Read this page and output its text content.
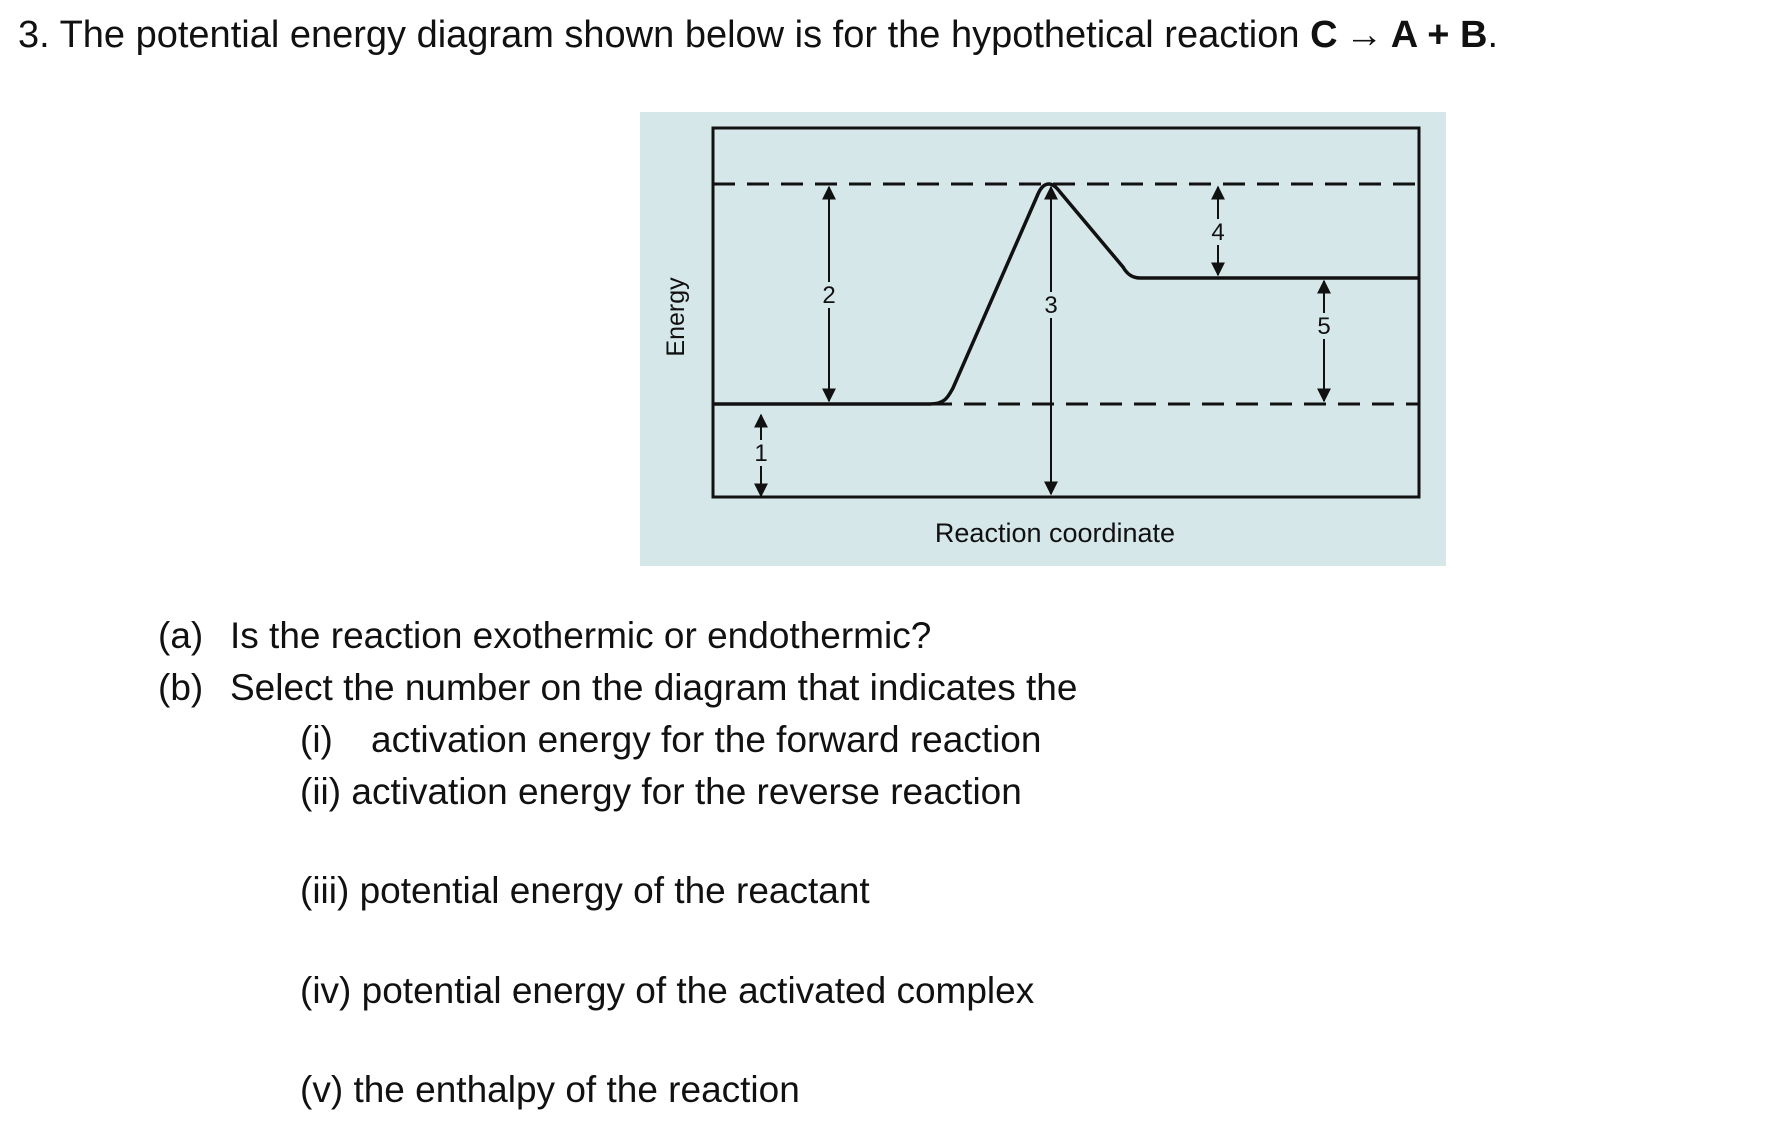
3. The potential energy diagram shown below is for the hypothetical reaction C → A + B.
1
2	3
4
5
Energy
Reaction coordinate
(a) Is the reaction exothermic or endothermic?
(b) Select the number on the diagram that indicates the
(i) activation energy for the forward reaction
(ii) activation energy for the reverse reaction
(iii) potential energy of the reactant
(iv) potential energy of the activated complex
(v) the enthalpy of the reaction
